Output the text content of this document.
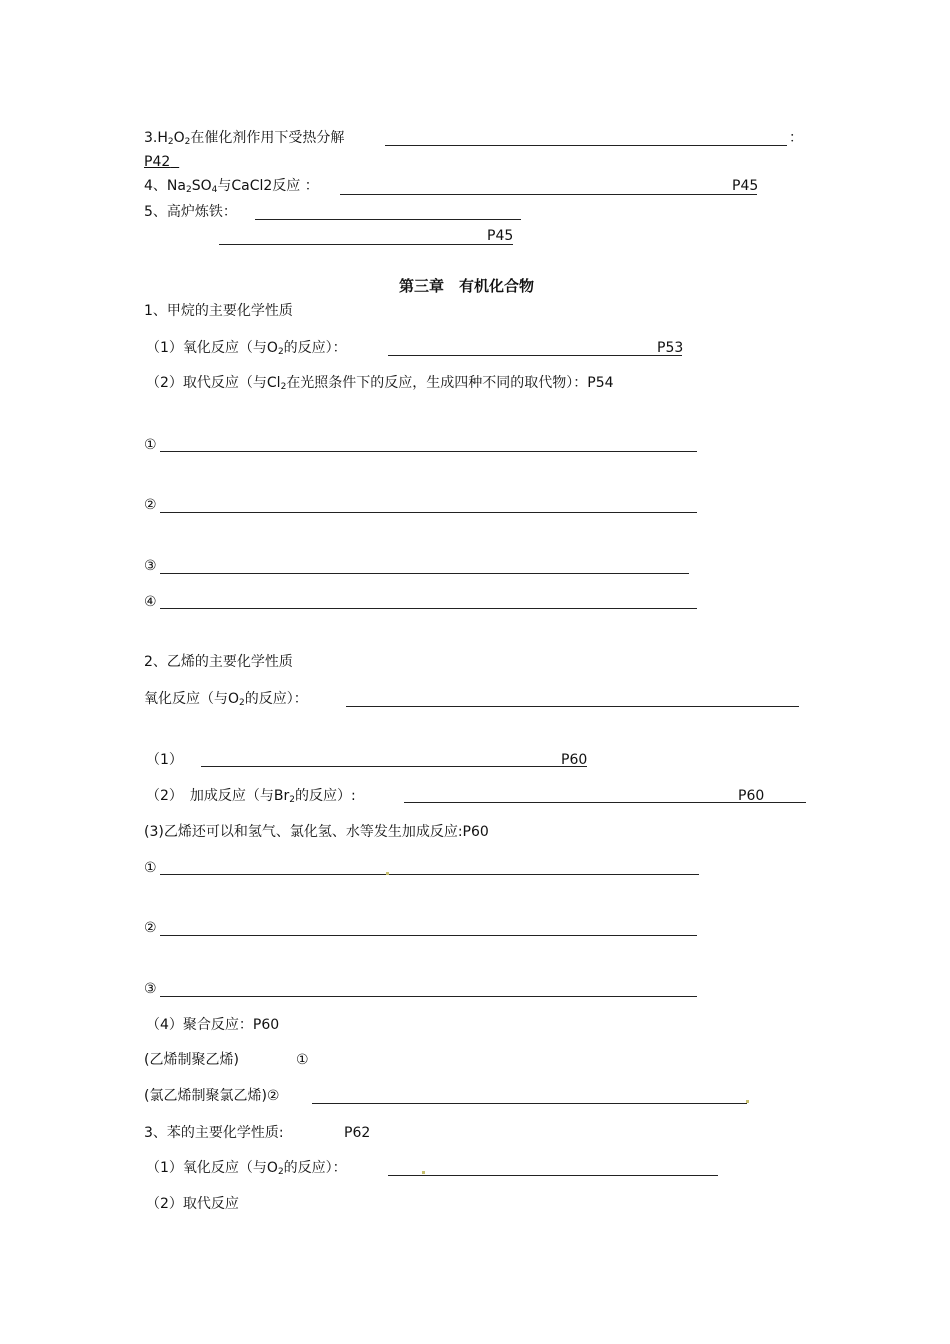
$3.H_2O_2$在催化剂作用下受热分解	：
P42
4、$Na_2SO_4$与CaCl2反应 ：	P45
5、高炉炼铁：
P45
第三章　有机化合物
1、甲烷的主要化学性质
（1）氧化反应（与$O_2$的反应）：	P53
（2）取代反应（与$Cl_2$在光照条件下的反应，生成四种不同的取代物）：P54
①
②
③
④
2、乙烯的主要化学性质
氧化反应（与$O_2$的反应）：
（1）	P60
（2）　加成反应（与$Br_2$的反应）:	P60
(3)乙烯还可以和氢气、氯化氢、水等发生加成反应:P60
①
②
③
（4）聚合反应：P60
(乙烯制聚乙烯)	①
(氯乙烯制聚氯乙烯)②
3、苯的主要化学性质:	P62
（1）氧化反应（与$O_2$的反应）：
（2）取代反应
